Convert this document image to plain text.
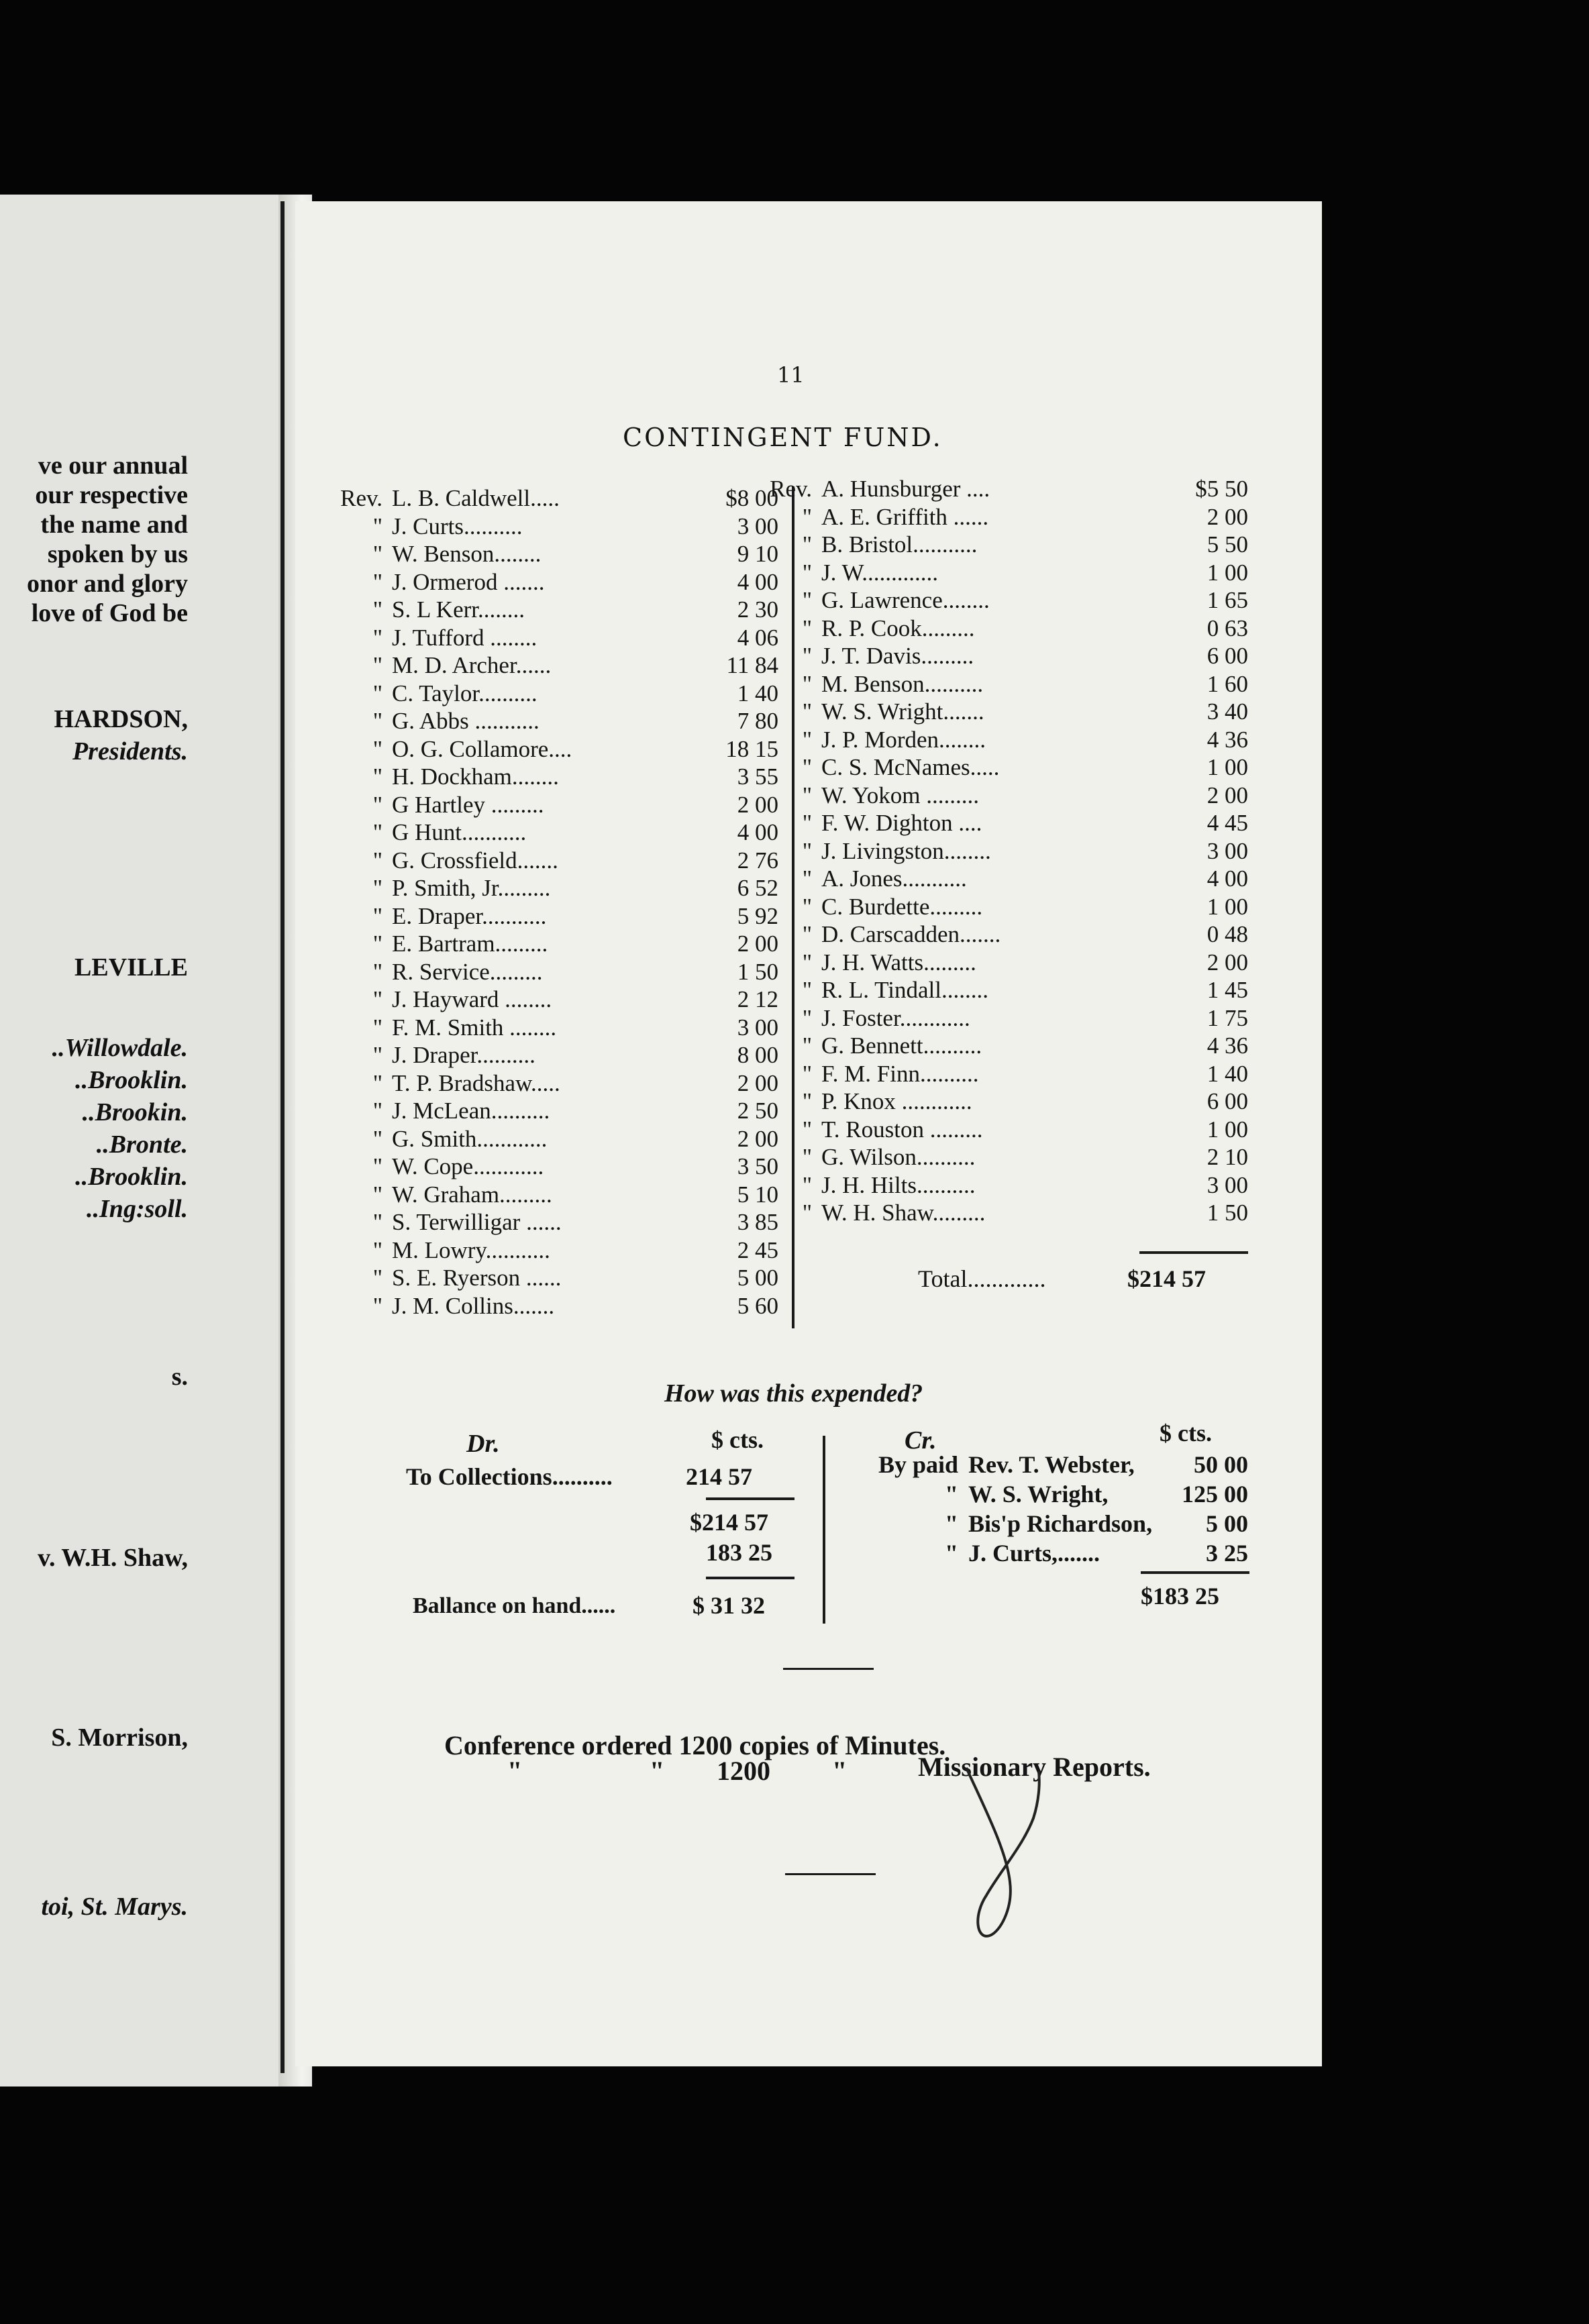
ve our annual
our respective
the name and
spoken by us
onor and glory
love of God be
HARDSON,
Presidents.
LEVILLE
..Willowdale.
..Brooklin.
..Brookin.
..Bronte.
..Brooklin.
..Ing:soll.
s.
v. W.H. Shaw,
S. Morrison,
toi, St. Marys.
11
CONTINGENT FUND.
Rev. L. B. Caldwell.....	$8 00
" J. Curts..........	3 00
" W. Benson........	9 10
" J. Ormerod .......	4 00
" S. L Kerr........	2 30
" J. Tufford ........	4 06
" M. D. Archer......	11 84
" C. Taylor..........	1 40
" G. Abbs ...........	7 80
" O. G. Collamore....	18 15
" H. Dockham........	3 55
" G Hartley .........	2 00
" G Hunt...........	4 00
" G. Crossfield.......	2 76
" P. Smith, Jr.........	6 52
" E. Draper...........	5 92
" E. Bartram.........	2 00
" R. Service.........	1 50
" J. Hayward ........	2 12
" F. M. Smith ........	3 00
" J. Draper..........	8 00
" T. P. Bradshaw.....	2 00
" J. McLean..........	2 50
" G. Smith............	2 00
" W. Cope............	3 50
" W. Graham.........	5 10
" S. Terwilligar ......	3 85
" M. Lowry...........	2 45
" S. E. Ryerson ......	5 00
" J. M. Collins.......	5 60
Rev. A. Hunsburger ....	$5 50
" A. E. Griffith ......	2 00
" B. Bristol...........	5 50
" J. W.............	1 00
" G. Lawrence........	1 65
" R. P. Cook.........	0 63
" J. T. Davis.........	6 00
" M. Benson..........	1 60
" W. S. Wright.......	3 40
" J. P. Morden........	4 36
" C. S. McNames.....	1 00
" W. Yokom .........	2 00
" F. W. Dighton ....	4 45
" J. Livingston........	3 00
" A. Jones...........	4 00
" C. Burdette.........	1 00
" D. Carscadden.......	0 48
" J. H. Watts.........	2 00
" R. L. Tindall........	1 45
" J. Foster............	1 75
" G. Bennett..........	4 36
" F. M. Finn..........	1 40
" P. Knox ............	6 00
" T. Rouston .........	1 00
" G. Wilson..........	2 10
" J. H. Hilts..........	3 00
" W. H. Shaw.........	1 50
Total.............	$214 57
How was this expended?
Dr.	$ cts.
To Collections..........	214 57
$214 57
183 25
Ballance on hand......	$ 31 32
Cr.	$ cts.
By paid Rev. T. Webster, 50 00
" W. S. Wright,	125 00
" Bis'p Richardson, 5 00
" J. Curts,.......	3 25
$183 25
Conference ordered 1200 copies of Minutes.
"	" 1200 "	Missionary Reports.
